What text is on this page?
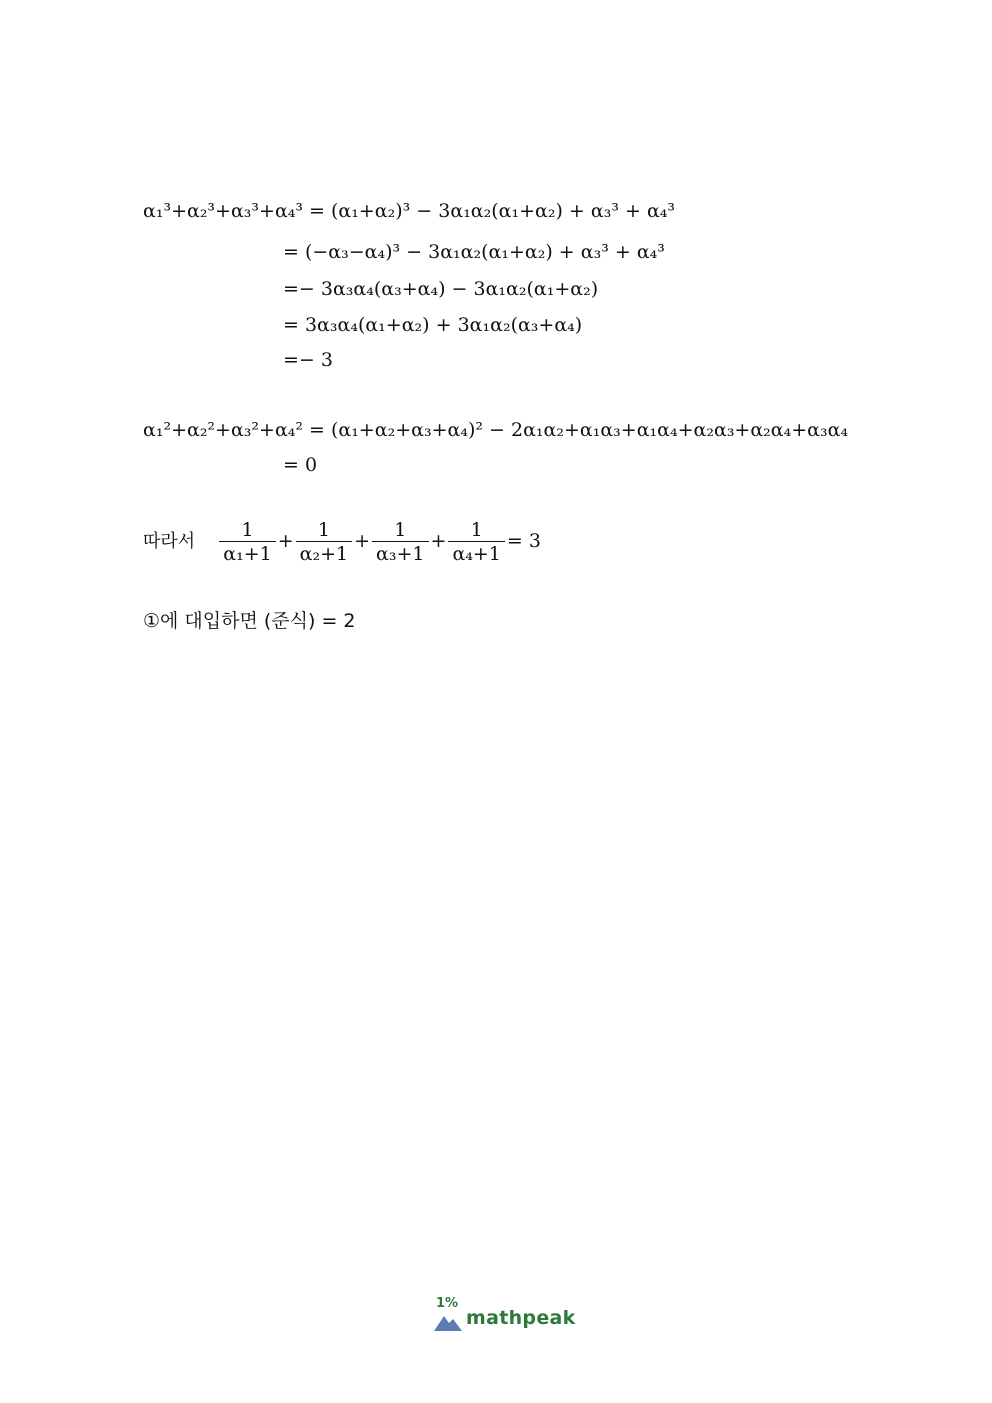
α₁³+α₂³+α₃³+α₄³ = (α₁+α₂)³ − 3α₁α₂(α₁+α₂) + α₃³ + α₄³
= (−α₃−α₄)³ − 3α₁α₂(α₁+α₂) + α₃³ + α₄³
=− 3α₃α₄(α₃+α₄) − 3α₁α₂(α₁+α₂)
= 3α₃α₄(α₁+α₂) + 3α₁α₂(α₃+α₄)
=− 3
α₁²+α₂²+α₃²+α₄² = (α₁+α₂+α₃+α₄)² − 2α₁α₂+α₁α₃+α₁α₄+α₂α₃+α₂α₄+α₃α₄
= 0
따라서 $\frac{1}{\text{α₁+1}} + \frac{1}{\text{α₂+1}} + \frac{1}{\text{α₃+1}} + \frac{1}{\text{α₄+1}} = 3$
①에 대입하면 (준식) = 2
1%
mathpeak
